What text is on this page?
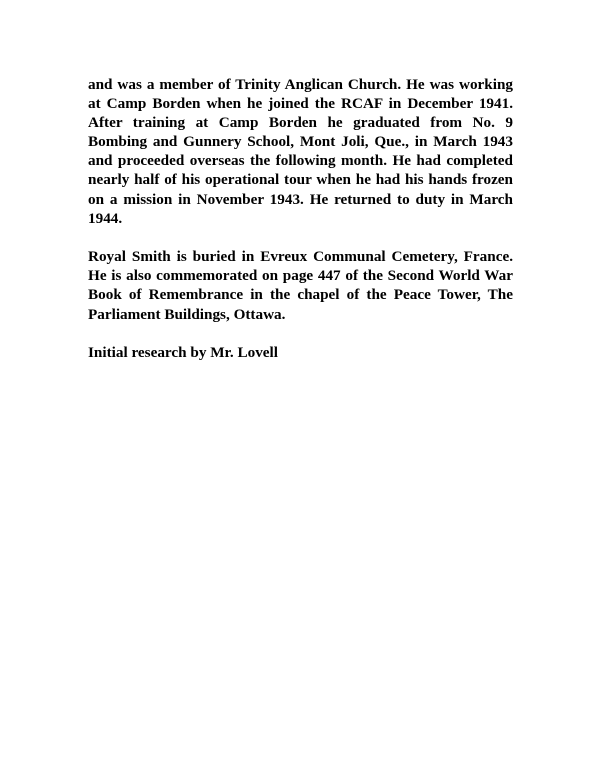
and was a member of Trinity Anglican Church. He was working at Camp Borden when he joined the RCAF in December 1941. After training at Camp Borden he graduated from No. 9 Bombing and Gunnery School, Mont Joli, Que., in March 1943 and proceeded overseas the following month. He had completed nearly half of his operational tour when he had his hands frozen on a mission in November 1943. He returned to duty in March 1944.

Royal Smith is buried in Evreux Communal Cemetery, France. He is also commemorated on page 447 of the Second World War Book of Remembrance in the chapel of the Peace Tower, The Parliament Buildings, Ottawa.

Initial research by Mr. Lovell
